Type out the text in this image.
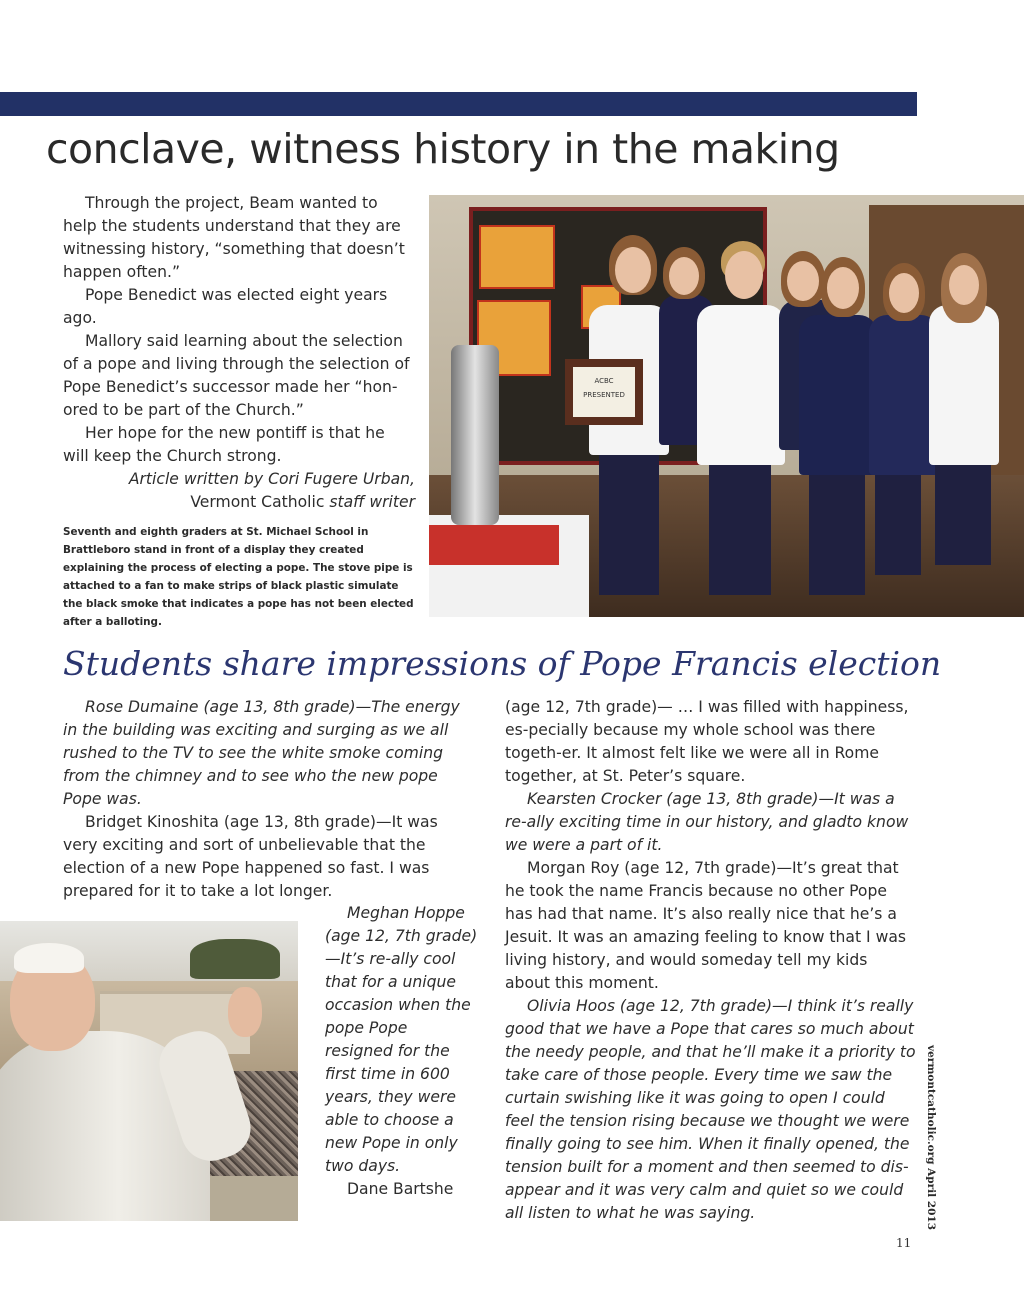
conclave, witness history in the making

Through the project, Beam wanted to help the students understand that they are witnessing history, “something that doesn’t happen often.”

Pope Benedict was elected eight years ago.

Mallory said learning about the selection of a pope and living through the selection of Pope Benedict’s successor made her “hon-ored to be part of the Church.”

Her hope for the new pontiff is that he will keep the Church strong.

Article written by Cori Fugere Urban,

Vermont Catholic staff writer

Seventh and eighth graders at St. Michael School in Brattleboro stand in front of a display they created explaining the process of electing a pope. The stove pipe is attached to a fan to make strips of black plastic simulate the black smoke that indicates a pope has not been elected after a balloting.
ACBC
PRESENTED
Students share impressions of Pope Francis election

Rose Dumaine (age 13, 8th grade)—The energy in the building was exciting and surging as we all rushed to the TV to see the white smoke coming from the chimney and to see who the new pope Pope was.

Bridget Kinoshita (age 13, 8th grade)—It was very exciting and sort of unbelievable that the election of a new Pope happened so fast. I was prepared for it to take a lot longer.

Meghan Hoppe (age 12, 7th grade)—It’s re-ally cool that for a unique occasion when the pope Pope resigned for the first time in 600 years, they were able to choose a new Pope in only two days.

Dane Bartshe

(age 12, 7th grade)— … I was filled with happiness, es-pecially because my whole school was there togeth-er. It almost felt like we were all in Rome together, at St. Peter’s square.

Kearsten Crocker (age 13, 8th grade)—It was a re-ally exciting time in our history, and gladto know we were a part of it.

Morgan Roy (age 12, 7th grade)—It’s great that he took the name Francis because no other Pope has had that name. It’s also really nice that he’s a Jesuit. It was an amazing feeling to know that I was living history, and would someday tell my kids about this moment.

Olivia Hoos (age 12, 7th grade)—I think it’s really good that we have a Pope that cares so much about the needy people, and that he’ll make it a priority to take care of those people. Every time we saw the curtain swishing like it was going to open I could feel the tension rising because we thought we were finally going to see him. When it finally opened, the tension built for a moment and then seemed to dis-appear and it was very calm and quiet so we could all listen to what he was saying.	vermontcatholic.org April 2013
11
